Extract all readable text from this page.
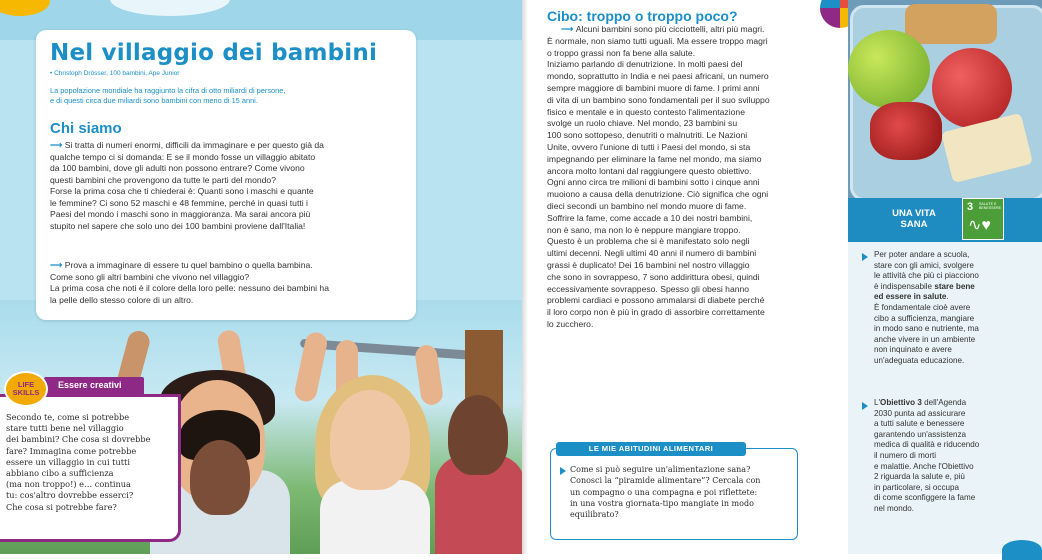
Nel villaggio dei bambini
• Christoph Drösser, 100 bambini, Ape Junior
La popolazione mondiale ha raggiunto la cifra di otto miliardi di persone,
e di questi circa due miliardi sono bambini con meno di 15 anni.
Chi siamo
⟶ Si tratta di numeri enormi, difficili da immaginare e per questo già da
qualche tempo ci si domanda: E se il mondo fosse un villaggio abitato
da 100 bambini, dove gli adulti non possono entrare? Come vivono
questi bambini che provengono da tutte le parti del mondo?
Forse la prima cosa che ti chiederai è: Quanti sono i maschi e quante
le femmine? Ci sono 52 maschi e 48 femmine, perché in quasi tutti i
Paesi del mondo i maschi sono in maggioranza. Ma sarai ancora più
stupito nel sapere che solo uno dei 100 bambini proviene dall'Italia!
⟶ Prova a immaginare di essere tu quel bambino o quella bambina.
Come sono gli altri bambini che vivono nel villaggio?
La prima cosa che noti è il colore della loro pelle: nessuno dei bambini ha
la pelle dello stesso colore di un altro.
Essere creativi
LIFE SKILLS
Secondo te, come si potrebbe
stare tutti bene nel villaggio
dei bambini? Che cosa si dovrebbe
fare? Immagina come potrebbe
essere un villaggio in cui tutti
abbiano cibo a sufficienza
(ma non troppo!) e… continua
tu: cos'altro dovrebbe esserci?
Che cosa si potrebbe fare?
Cibo: troppo o troppo poco?
⟶ Alcuni bambini sono più cicciottelli, altri più magri.
È normale, non siamo tutti uguali. Ma essere troppo magri
o troppo grassi non fa bene alla salute.
Iniziamo parlando di denutrizione. In molti paesi del
mondo, soprattutto in India e nei paesi africani, un numero
sempre maggiore di bambini muore di fame. I primi anni
di vita di un bambino sono fondamentali per il suo sviluppo
fisico e mentale e in questo contesto l'alimentazione
svolge un ruolo chiave. Nel mondo, 23 bambini su
100 sono sottopeso, denutriti o malnutriti. Le Nazioni
Unite, ovvero l'unione di tutti i Paesi del mondo, si sta
impegnando per eliminare la fame nel mondo, ma siamo
ancora molto lontani dal raggiungere questo obiettivo.
Ogni anno circa tre milioni di bambini sotto i cinque anni
muoiono a causa della denutrizione. Ciò significa che ogni
dieci secondi un bambino nel mondo muore di fame.
Soffrire la fame, come accade a 10 dei nostri bambini,
non è sano, ma non lo è neppure mangiare troppo.
Questo è un problema che si è manifestato solo negli
ultimi decenni. Negli ultimi 40 anni il numero di bambini
grassi è duplicato! Dei 16 bambini nel nostro villaggio
che sono in sovrappeso, 7 sono addirittura obesi, quindi
eccessivamente sovrappeso. Spesso gli obesi hanno
problemi cardiaci e possono ammalarsi di diabete perché
il loro corpo non è più in grado di assorbire correttamente
lo zucchero.
LE MIE ABITUDINI ALIMENTARI
Come si può seguire un'alimentazione sana?
Conosci la “piramide alimentare”? Cercala con
un compagno o una compagna e poi riflettete:
in una vostra giornata-tipo mangiate in modo
equilibrato?
UNA VITA
SANA
3 SALUTE E BENESSERE
∿♥
Per poter andare a scuola,
stare con gli amici, svolgere
le attività che più ci piacciono
è indispensabile stare bene
ed essere in salute.
È fondamentale cioè avere
cibo a sufficienza, mangiare
in modo sano e nutriente, ma
anche vivere in un ambiente
non inquinato e avere
un'adeguata educazione.
L'Obiettivo 3 dell'Agenda
2030 punta ad assicurare
a tutti salute e benessere
garantendo un'assistenza
medica di qualità e riducendo
il numero di morti
e malattie. Anche l'Obiettivo
2 riguarda la salute e, più
in particolare, si occupa
di come sconfiggere la fame
nel mondo.
